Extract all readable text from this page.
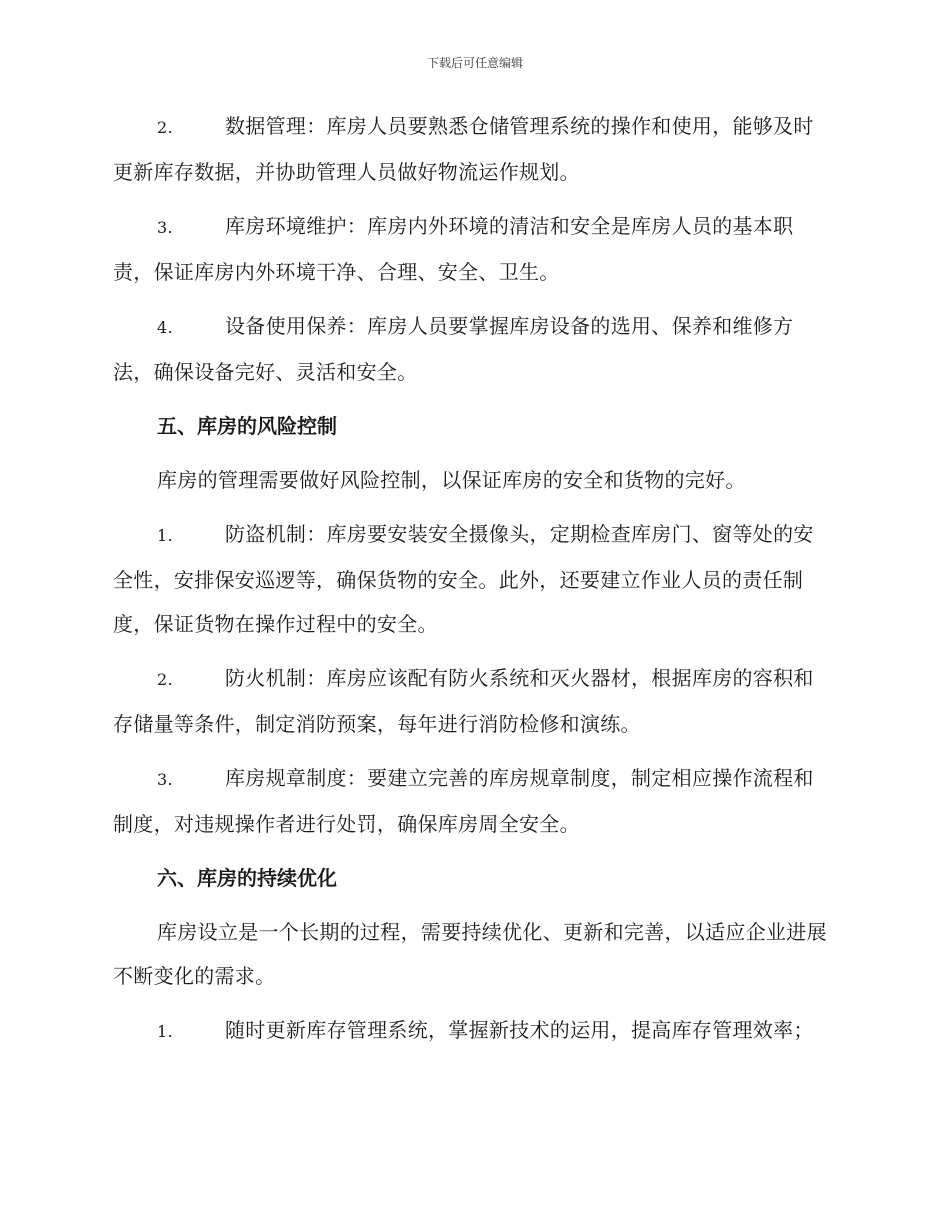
下载后可任意编辑

2.	数据管理：库房人员要熟悉仓储管理系统的操作和使用，能够及时更新库存数据，并协助管理人员做好物流运作规划。

3.	库房环境维护：库房内外环境的清洁和安全是库房人员的基本职责，保证库房内外环境干净、合理、安全、卫生。

4.	设备使用保养：库房人员要掌握库房设备的选用、保养和维修方法，确保设备完好、灵活和安全。

五、库房的风险控制

库房的管理需要做好风险控制，以保证库房的安全和货物的完好。

1.	防盗机制：库房要安装安全摄像头，定期检查库房门、窗等处的安全性，安排保安巡逻等，确保货物的安全。此外，还要建立作业人员的责任制度，保证货物在操作过程中的安全。

2.	防火机制：库房应该配有防火系统和灭火器材，根据库房的容积和存储量等条件，制定消防预案，每年进行消防检修和演练。

3.	库房规章制度：要建立完善的库房规章制度，制定相应操作流程和制度，对违规操作者进行处罚，确保库房周全安全。

六、库房的持续优化

库房设立是一个长期的过程，需要持续优化、更新和完善，以适应企业进展不断变化的需求。

1.	随时更新库存管理系统，掌握新技术的运用，提高库存管理效率；
